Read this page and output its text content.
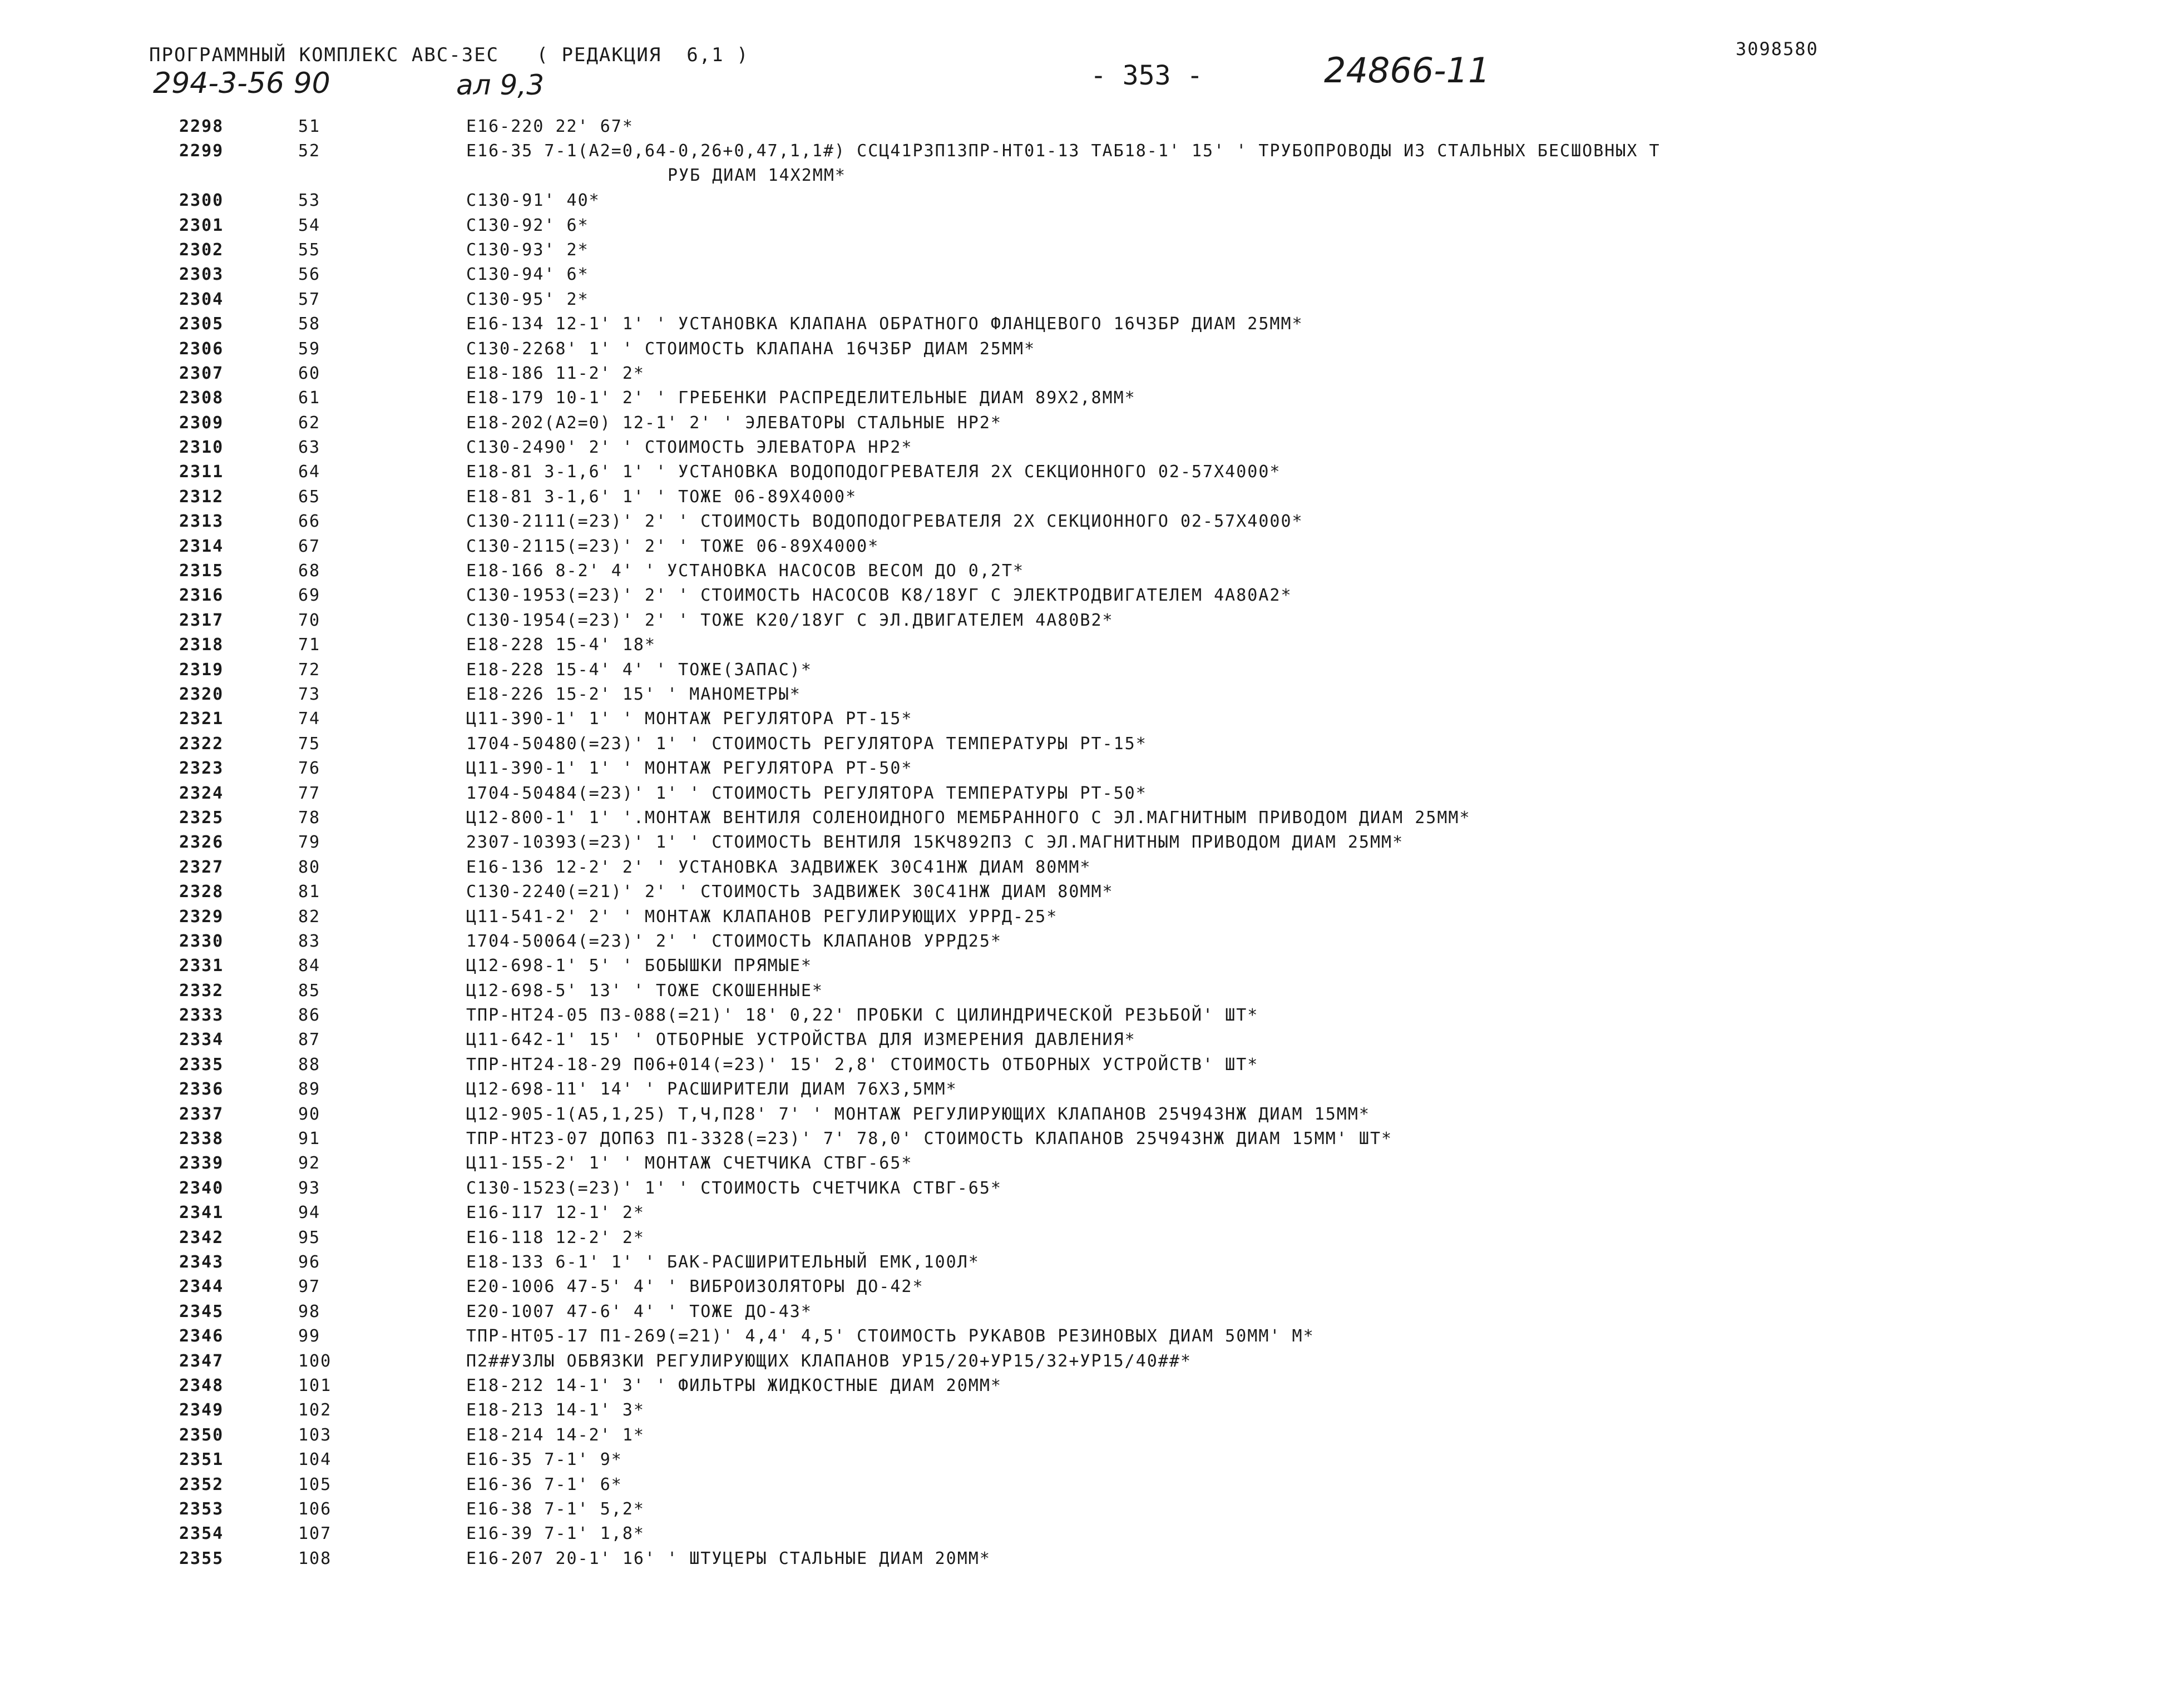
ПРОГРАММНЫЙ КОМПЛЕКС АВС-3ЕС   ( РЕДАКЦИЯ  6,1 )
294-3-56 90	ал 9,3	- 353 -	24866-11
3098580
2298	51	Е16-220 22' 67*
2299	52	Е16-35 7-1(А2=0,64-0,26+0,47,1,1#) ССЦ41Р3П13ПР-НТ01-13 ТАБ18-1' 15' ' ТРУБОПРОВОДЫ ИЗ СТАЛЬНЫХ БЕСШОВНЫХ Т
РУБ ДИАМ 14Х2ММ*
2300	53	С130-91' 40*
2301	54	С130-92' 6*
2302	55	С130-93' 2*
2303	56	С130-94' 6*
2304	57	С130-95' 2*
2305	58	Е16-134 12-1' 1' ' УСТАНОВКА КЛАПАНА ОБРАТНОГО ФЛАНЦЕВОГО 16Ч3БР ДИАМ 25ММ*
2306	59	С130-2268' 1' ' СТОИМОСТЬ КЛАПАНА 16Ч3БР ДИАМ 25ММ*
2307	60	Е18-186 11-2' 2*
2308	61	Е18-179 10-1' 2' ' ГРЕБЕНКИ РАСПРЕДЕЛИТЕЛЬНЫЕ ДИАМ 89Х2,8ММ*
2309	62	Е18-202(А2=0) 12-1' 2' ' ЭЛЕВАТОРЫ СТАЛЬНЫЕ НР2*
2310	63	С130-2490' 2' ' СТОИМОСТЬ ЭЛЕВАТОРА НР2*
2311	64	Е18-81 3-1,6' 1' ' УСТАНОВКА ВОДОПОДОГРЕВАТЕЛЯ 2Х СЕКЦИОННОГО 02-57Х4000*
2312	65	Е18-81 3-1,6' 1' ' ТОЖЕ 06-89Х4000*
2313	66	С130-2111(=23)' 2' ' СТОИМОСТЬ ВОДОПОДОГРЕВАТЕЛЯ 2Х СЕКЦИОННОГО 02-57Х4000*
2314	67	С130-2115(=23)' 2' ' ТОЖЕ 06-89Х4000*
2315	68	Е18-166 8-2' 4' ' УСТАНОВКА НАСОСОВ ВЕСОМ ДО 0,2Т*
2316	69	С130-1953(=23)' 2' ' СТОИМОСТЬ НАСОСОВ К8/18УГ С ЭЛЕКТРОДВИГАТЕЛЕМ 4А80А2*
2317	70	С130-1954(=23)' 2' ' ТОЖЕ К20/18УГ С ЭЛ.ДВИГАТЕЛЕМ 4А80В2*
2318	71	Е18-228 15-4' 18*
2319	72	Е18-228 15-4' 4' ' ТОЖЕ(ЗАПАС)*
2320	73	Е18-226 15-2' 15' ' МАНОМЕТРЫ*
2321	74	Ц11-390-1' 1' ' МОНТАЖ РЕГУЛЯТОРА РТ-15*
2322	75	1704-50480(=23)' 1' ' СТОИМОСТЬ РЕГУЛЯТОРА ТЕМПЕРАТУРЫ РТ-15*
2323	76	Ц11-390-1' 1' ' МОНТАЖ РЕГУЛЯТОРА РТ-50*
2324	77	1704-50484(=23)' 1' ' СТОИМОСТЬ РЕГУЛЯТОРА ТЕМПЕРАТУРЫ РТ-50*
2325	78	Ц12-800-1' 1' '.МОНТАЖ ВЕНТИЛЯ СОЛЕНОИДНОГО МЕМБРАННОГО С ЭЛ.МАГНИТНЫМ ПРИВОДОМ ДИАМ 25ММ*
2326	79	2307-10393(=23)' 1' ' СТОИМОСТЬ ВЕНТИЛЯ 15КЧ892П3 С ЭЛ.МАГНИТНЫМ ПРИВОДОМ ДИАМ 25ММ*
2327	80	Е16-136 12-2' 2' ' УСТАНОВКА ЗАДВИЖЕК 30С41НЖ ДИАМ 80ММ*
2328	81	С130-2240(=21)' 2' ' СТОИМОСТЬ ЗАДВИЖЕК 30С41НЖ ДИАМ 80ММ*
2329	82	Ц11-541-2' 2' ' МОНТАЖ КЛАПАНОВ РЕГУЛИРУЮЩИХ УРРД-25*
2330	83	1704-50064(=23)' 2' ' СТОИМОСТЬ КЛАПАНОВ УРРД25*
2331	84	Ц12-698-1' 5' ' БОБЫШКИ ПРЯМЫЕ*
2332	85	Ц12-698-5' 13' ' ТОЖЕ СКОШЕННЫЕ*
2333	86	ТПР-НТ24-05 П3-088(=21)' 18' 0,22' ПРОБКИ С ЦИЛИНДРИЧЕСКОЙ РЕЗЬБОЙ' ШТ*
2334	87	Ц11-642-1' 15' ' ОТБОРНЫЕ УСТРОЙСТВА ДЛЯ ИЗМЕРЕНИЯ ДАВЛЕНИЯ*
2335	88	ТПР-НТ24-18-29 П06+014(=23)' 15' 2,8' СТОИМОСТЬ ОТБОРНЫХ УСТРОЙСТВ' ШТ*
2336	89	Ц12-698-11' 14' ' РАСШИРИТЕЛИ ДИАМ 76Х3,5ММ*
2337	90	Ц12-905-1(А5,1,25) Т,Ч,П28' 7' ' МОНТАЖ РЕГУЛИРУЮЩИХ КЛАПАНОВ 25Ч943НЖ ДИАМ 15ММ*
2338	91	ТПР-НТ23-07 ДОП63 П1-3328(=23)' 7' 78,0' СТОИМОСТЬ КЛАПАНОВ 25Ч943НЖ ДИАМ 15ММ' ШТ*
2339	92	Ц11-155-2' 1' ' МОНТАЖ СЧЕТЧИКА СТВГ-65*
2340	93	С130-1523(=23)' 1' ' СТОИМОСТЬ СЧЕТЧИКА СТВГ-65*
2341	94	Е16-117 12-1' 2*
2342	95	Е16-118 12-2' 2*
2343	96	Е18-133 6-1' 1' ' БАК-РАСШИРИТЕЛЬНЫЙ ЕМК,100Л*
2344	97	Е20-1006 47-5' 4' ' ВИБРОИЗОЛЯТОРЫ ДО-42*
2345	98	Е20-1007 47-6' 4' ' ТОЖЕ ДО-43*
2346	99	ТПР-НТ05-17 П1-269(=21)' 4,4' 4,5' СТОИМОСТЬ РУКАВОВ РЕЗИНОВЫХ ДИАМ 50ММ' М*
2347	100	П2##УЗЛЫ ОБВЯЗКИ РЕГУЛИРУЮЩИХ КЛАПАНОВ УР15/20+УР15/32+УР15/40##*
2348	101	Е18-212 14-1' 3' ' ФИЛЬТРЫ ЖИДКОСТНЫЕ ДИАМ 20ММ*
2349	102	Е18-213 14-1' 3*
2350	103	Е18-214 14-2' 1*
2351	104	Е16-35 7-1' 9*
2352	105	Е16-36 7-1' 6*
2353	106	Е16-38 7-1' 5,2*
2354	107	Е16-39 7-1' 1,8*
2355	108	Е16-207 20-1' 16' ' ШТУЦЕРЫ СТАЛЬНЫЕ ДИАМ 20ММ*
